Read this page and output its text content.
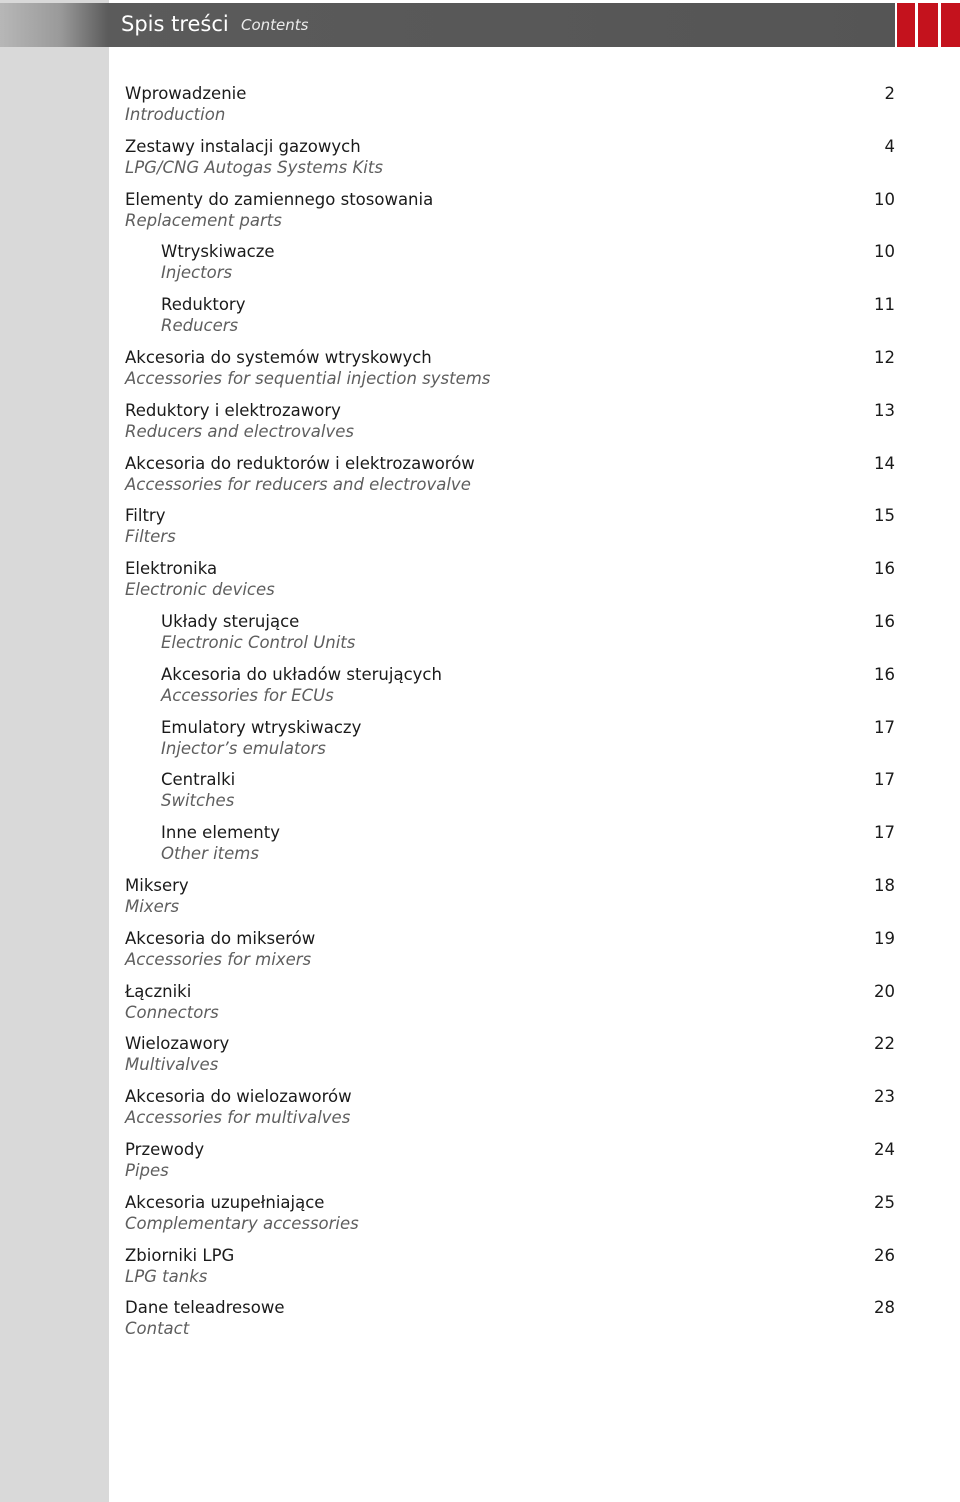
Spis treści Contents
Wprowadzenie
Introduction
2
Zestawy instalacji gazowych
LPG/CNG Autogas Systems Kits
4
Elementy do zamiennego stosowania
Replacement parts
10
Wtryskiwacze
Injectors
10
Reduktory
Reducers
11
Akcesoria do systemów wtryskowych
Accessories for sequential injection systems
12
Reduktory i elektrozawory
Reducers and electrovalves
13
Akcesoria do reduktorów i elektrozaworów
Accessories for reducers and electrovalve
14
Filtry
Filters
15
Elektronika
Electronic devices
16
Układy sterujące
Electronic Control Units
16
Akcesoria do układów sterujących
Accessories for ECUs
16
Emulatory wtryskiwaczy
Injector’s emulators
17
Centralki
Switches
17
Inne elementy
Other items
17
Miksery
Mixers
18
Akcesoria do mikserów
Accessories for mixers
19
Łączniki
Connectors
20
Wielozawory
Multivalves
22
Akcesoria do wielozaworów
Accessories for multivalves
23
Przewody
Pipes
24
Akcesoria uzupełniające
Complementary accessories
25
Zbiorniki LPG
LPG tanks
26
Dane teleadresowe
Contact
28
